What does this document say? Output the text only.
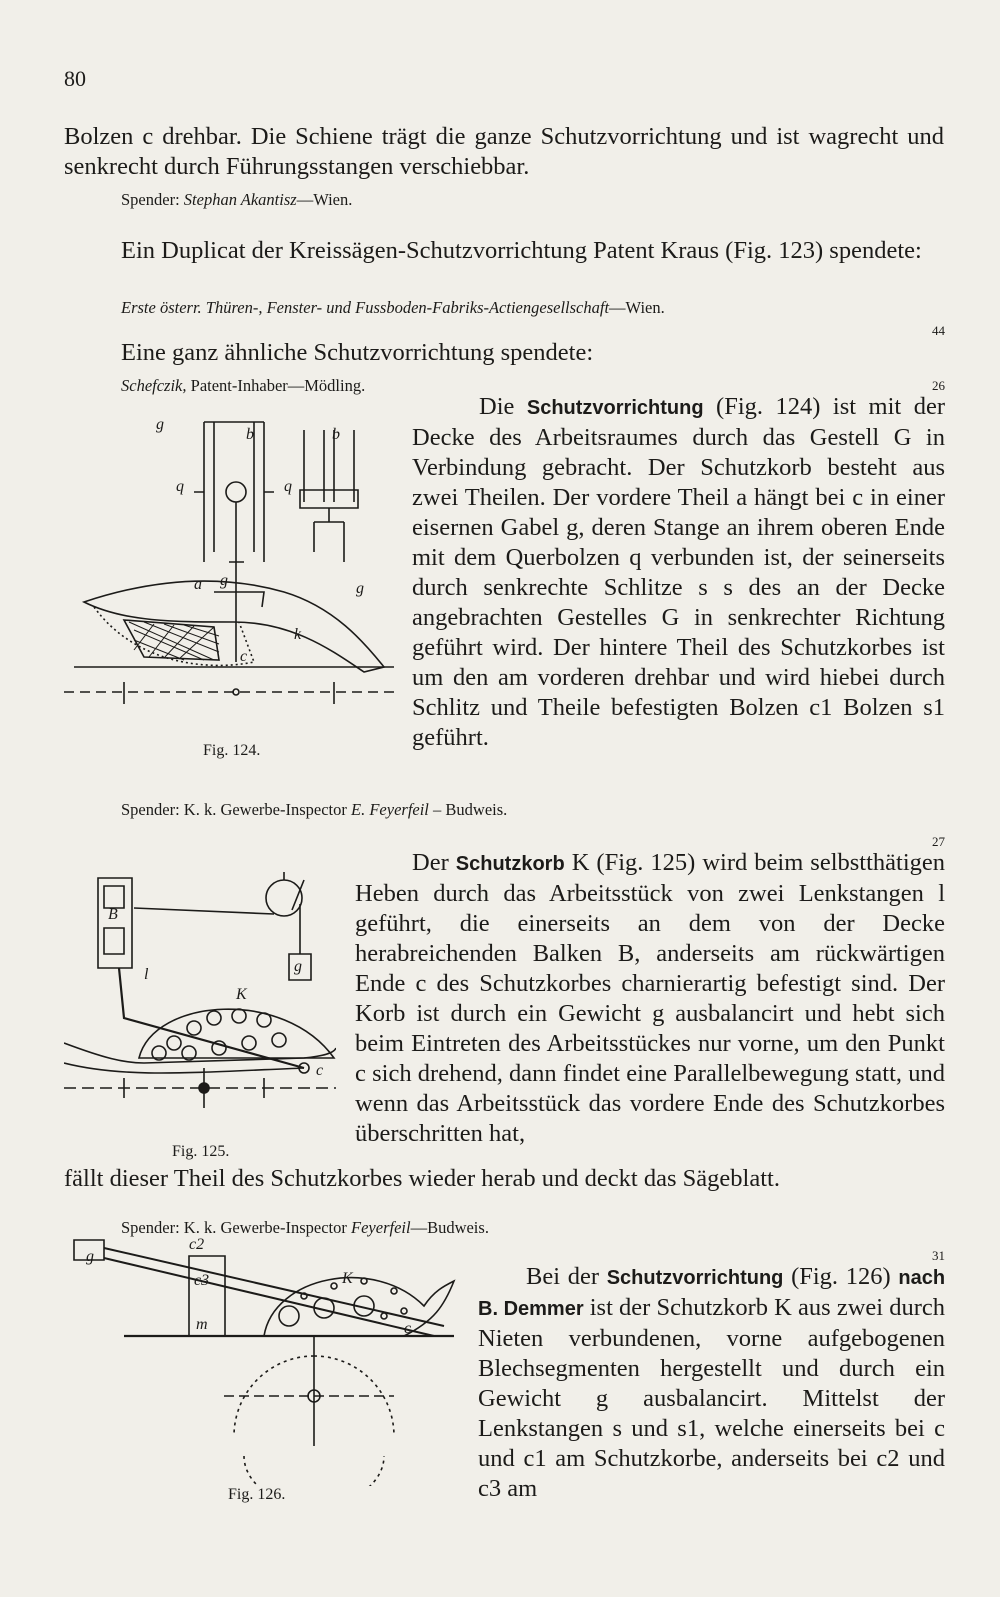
80
Bolzen c drehbar. Die Schiene trägt die ganze Schutzvorrichtung und ist wagrecht und senkrecht durch Führungsstangen verschiebbar.
Spender: Stephan Akantisz—Wien.
Ein Duplicat der Kreissägen-Schutzvorrichtung Patent Kraus (Fig. 123) spendete:
Erste österr. Thüren-, Fenster- und Fussboden-Fabriks-Actiengesellschaft—Wien.
44
Eine ganz ähnliche Schutzvorrichtung spendete:
Schefczik, Patent-Inhaber—Mödling.	26
Die Schutzvorrichtung (Fig. 124) ist mit der Decke des Arbeitsraumes durch das Gestell G in Verbindung gebracht. Der Schutzkorb besteht aus zwei Theilen. Der vordere Theil a hängt bei c in einer eisernen Gabel g, deren Stange an ihrem oberen Ende mit dem Querbolzen q verbunden ist, der seinerseits durch senkrechte Schlitze s s des an der Decke angebrachten Gestelles G in senkrechter Richtung geführt wird. Der hintere Theil des Schutzkorbes ist um den am vorderen drehbar und wird hiebei durch Schlitz und Theile befestigten Bolzen c1 Bolzen s1 geführt.
g
b
q	q
b
g
a g
c
k
Fig. 124.
Spender: K. k. Gewerbe-Inspector E. Feyerfeil – Budweis.
27
Der Schutzkorb K (Fig. 125) wird beim selbstthätigen Heben durch das Arbeitsstück von zwei Lenkstangen l geführt, die einerseits an dem von der Decke herabreichenden Balken B, anderseits am rückwärtigen Ende c des Schutzkorbes charnierartig befestigt sind. Der Korb ist durch ein Gewicht g ausbalancirt und hebt sich beim Eintreten des Arbeitsstückes nur vorne, um den Punkt c sich drehend, dann findet eine Parallelbewegung statt, und wenn das Arbeitsstück das vordere Ende des Schutzkorbes überschritten hat,
B
g
l
K
c
Fig. 125.
fällt dieser Theil des Schutzkorbes wieder herab und deckt das Sägeblatt.
Spender: K. k. Gewerbe-Inspector Feyerfeil—Budweis.
31
Bei der Schutzvorrichtung (Fig. 126) nach B. Demmer ist der Schutzkorb K aus zwei durch Nieten verbundenen, vorne aufgebogenen Blechsegmenten hergestellt und durch ein Gewicht g ausbalancirt. Mittelst der Lenkstangen s und s1, welche einerseits bei c und c1 am Schutzkorbe, anderseits bei c2 und c3 am
g
c2
c3
m
K
c
Fig. 126.
